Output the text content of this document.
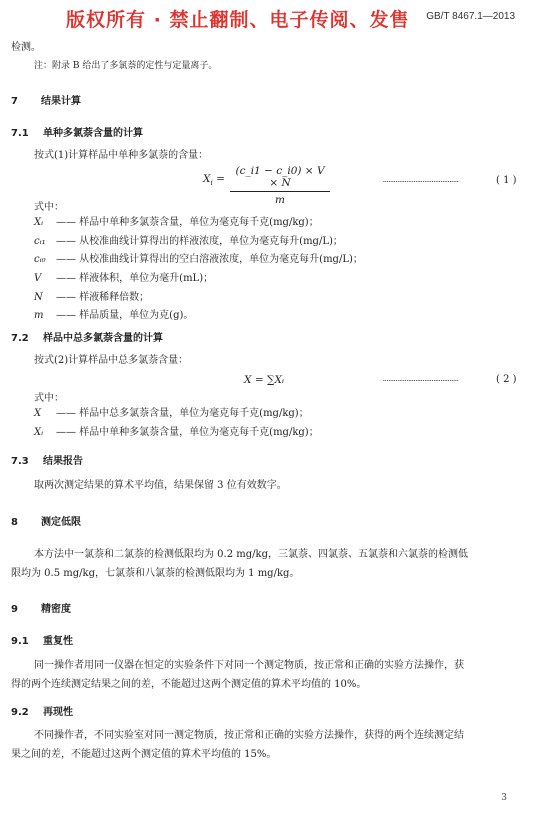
版权所有 · 禁止翻制、电子传阅、发售 GB/T 8467.1—2013
检测。
注：附录 B 给出了多氯萘的定性与定量离子。
7 结果计算
7.1 单种多氯萘含量的计算
按式(1)计算样品中单种多氯萘的含量：
$X_i$ =
(c_i1 − c_i0) × V × N
m
……………………………………	( 1 )
式中：
Xᵢ —— 样品中单种多氯萘含量，单位为毫克每千克(mg/kg)；
cᵢ₁ —— 从校准曲线计算得出的样液浓度，单位为毫克每升(mg/L)；
cᵢ₀ —— 从校准曲线计算得出的空白溶液浓度，单位为毫克每升(mg/L)；
V —— 样液体积，单位为毫升(mL)；
N —— 样液稀释倍数；
m —— 样品质量，单位为克(g)。
7.2 样品中总多氯萘含量的计算
按式(2)计算样品中总多氯萘含量：
X = ∑Xᵢ	……………………………………	( 2 )
式中：
X —— 样品中总多氯萘含量，单位为毫克每千克(mg/kg)；
Xᵢ —— 样品中单种多氯萘含量，单位为毫克每千克(mg/kg)；
7.3 结果报告
取两次测定结果的算术平均值，结果保留 3 位有效数字。
8 测定低限
本方法中一氯萘和二氯萘的检测低限均为 0.2 mg/kg，三氯萘、四氯萘、五氯萘和六氯萘的检测低
限均为 0.5 mg/kg，七氯萘和八氯萘的检测低限均为 1 mg/kg。
9 精密度
9.1 重复性
同一操作者用同一仪器在恒定的实验条件下对同一个测定物质，按正常和正确的实验方法操作，获
得的两个连续测定结果之间的差，不能超过这两个测定值的算术平均值的 10%。
9.2 再现性
不同操作者，不同实验室对同一测定物质，按正常和正确的实验方法操作，获得的两个连续测定结
果之间的差，不能超过这两个测定值的算术平均值的 15%。
3
